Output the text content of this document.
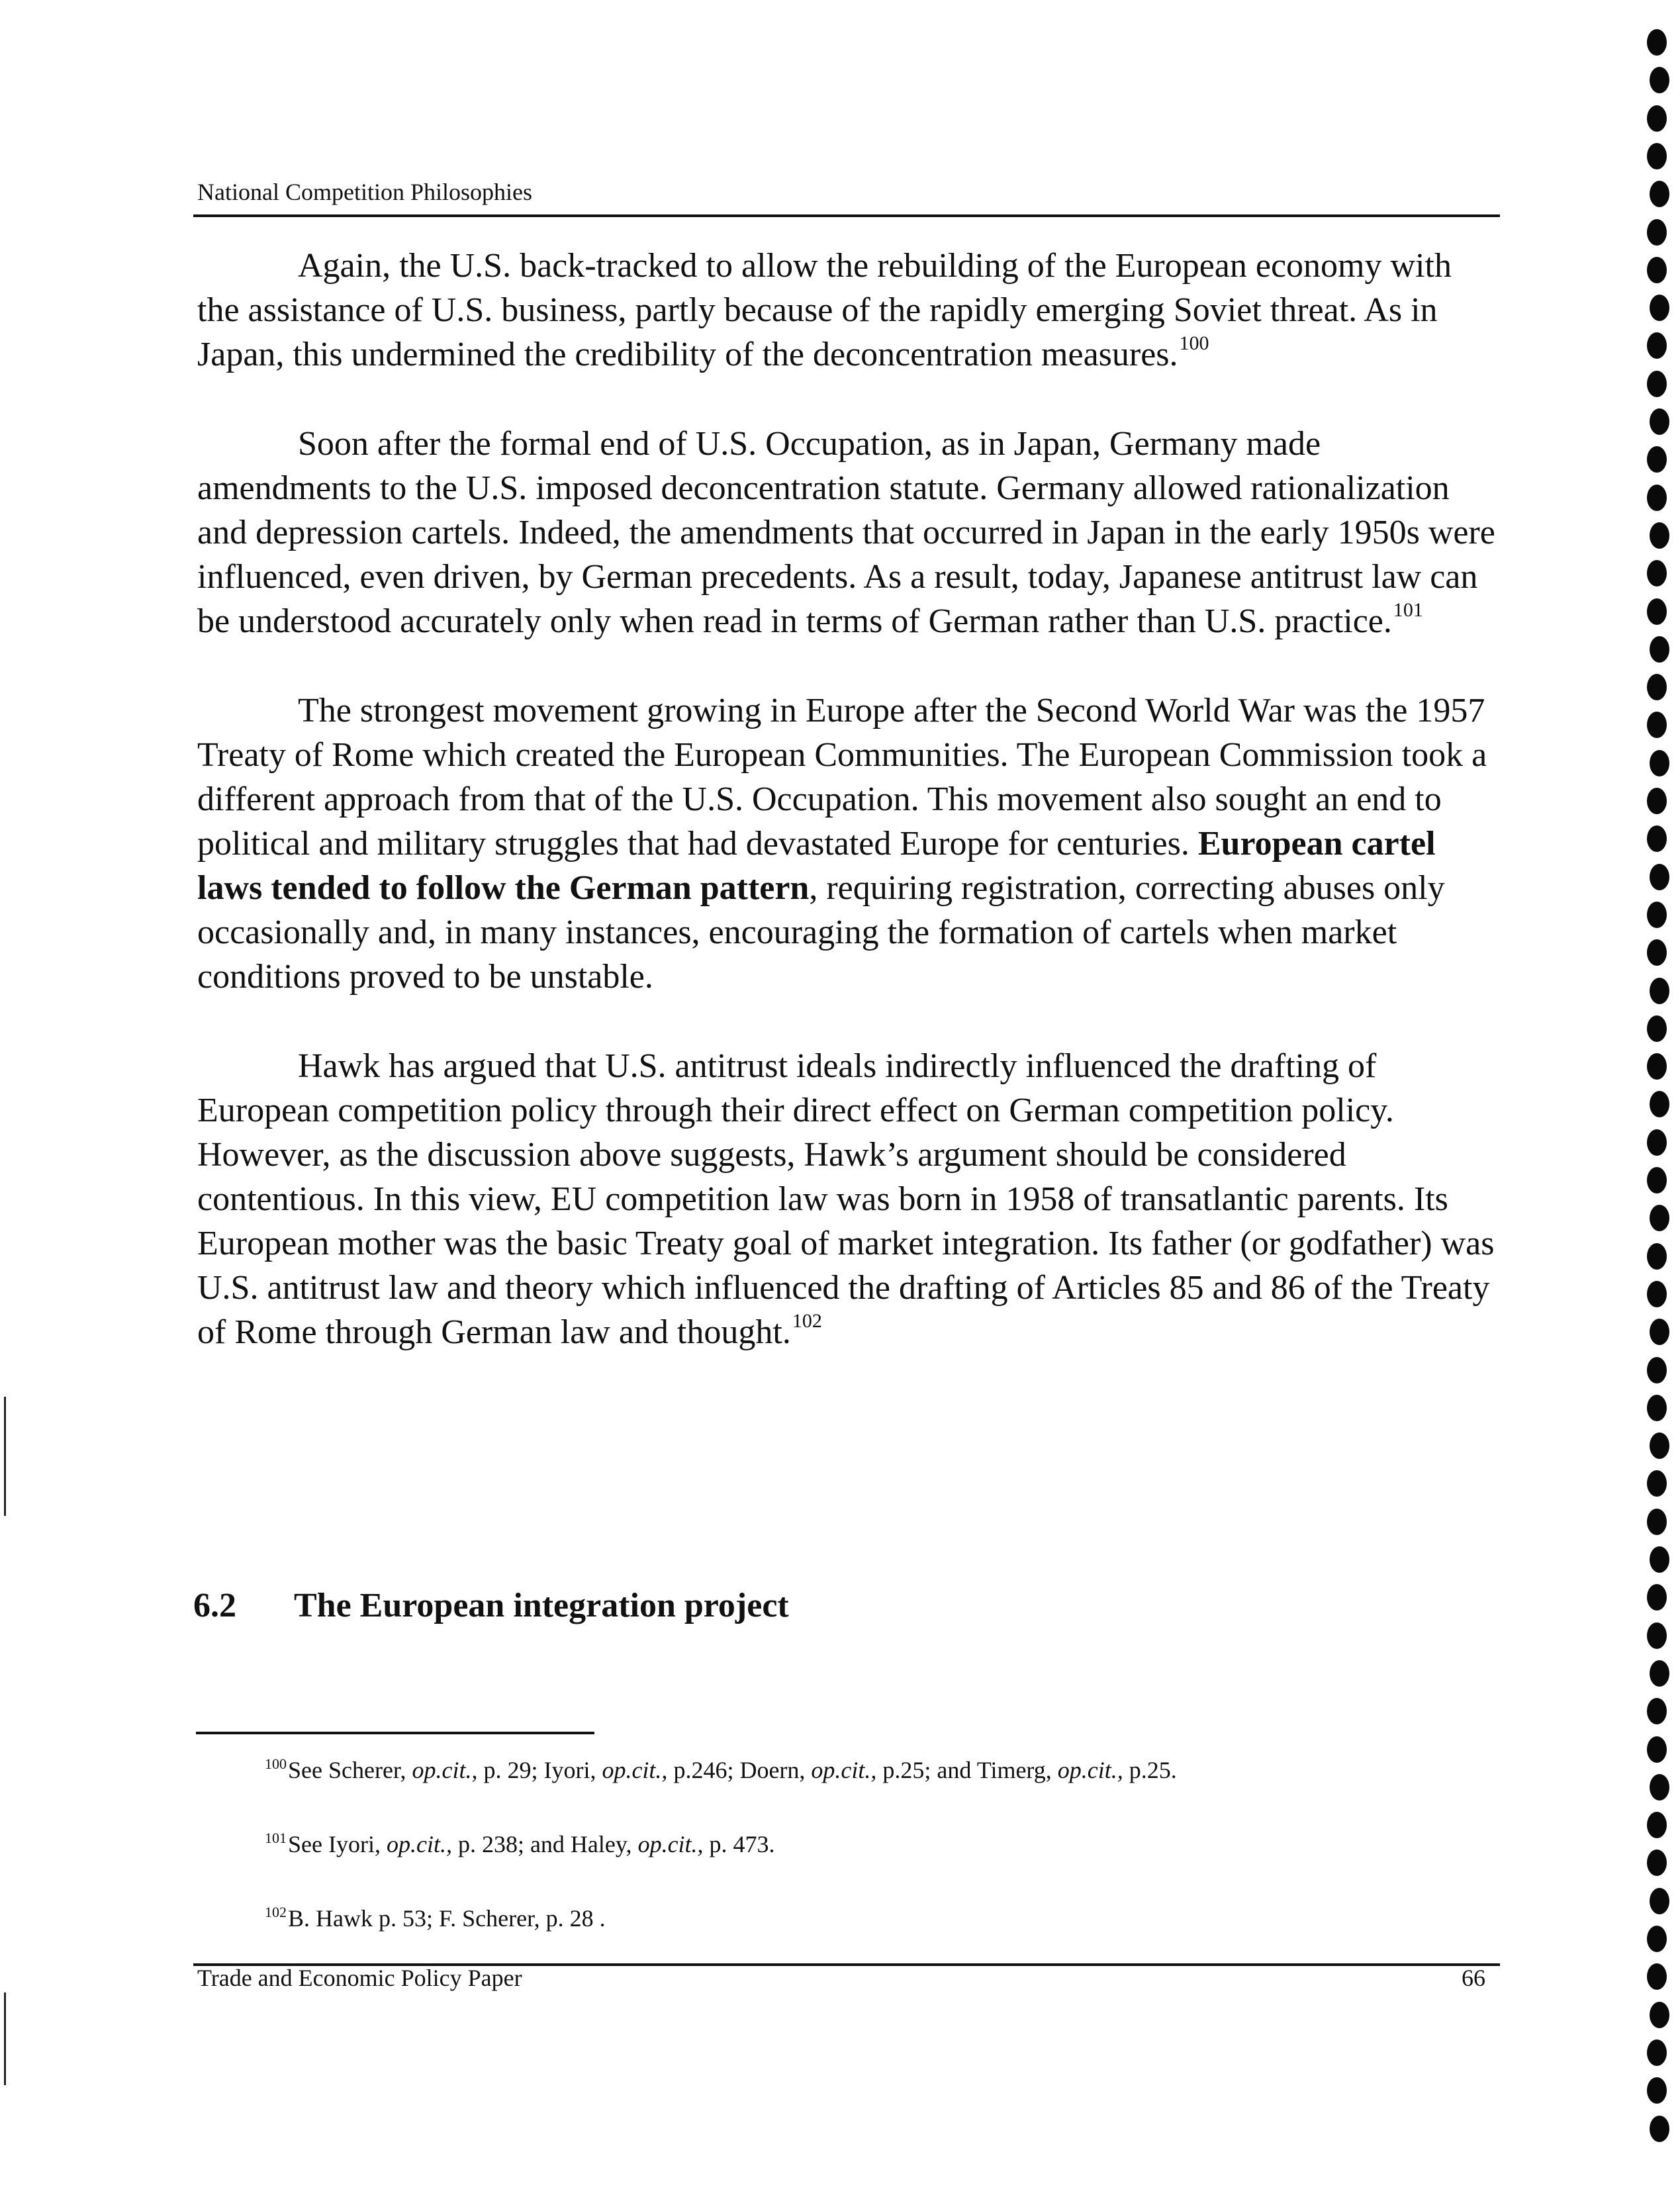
National Competition Philosophies

Again, the U.S. back-tracked to allow the rebuilding of the European economy with the assistance of U.S. business, partly because of the rapidly emerging Soviet threat. As in Japan, this undermined the credibility of the deconcentration measures.$^{100}$

Soon after the formal end of U.S. Occupation, as in Japan, Germany made amendments to the U.S. imposed deconcentration statute. Germany allowed rationalization and depression cartels. Indeed, the amendments that occurred in Japan in the early 1950s were influenced, even driven, by German precedents. As a result, today, Japanese antitrust law can be understood accurately only when read in terms of German rather than U.S. practice.$^{101}$

The strongest movement growing in Europe after the Second World War was the 1957 Treaty of Rome which created the European Communities. The European Commission took a different approach from that of the U.S. Occupation. This movement also sought an end to political and military struggles that had devastated Europe for centuries. European cartel laws tended to follow the German pattern, requiring registration, correcting abuses only occasionally and, in many instances, encouraging the formation of cartels when market conditions proved to be unstable.

Hawk has argued that U.S. antitrust ideals indirectly influenced the drafting of European competition policy through their direct effect on German competition policy. However, as the discussion above suggests, Hawk’s argument should be considered contentious. In this view, EU competition law was born in 1958 of transatlantic parents. Its European mother was the basic Treaty goal of market integration. Its father (or godfather) was U.S. antitrust law and theory which influenced the drafting of Articles 85 and 86 of the Treaty of Rome through German law and thought.$^{102}$

6.2 The European integration project
$^{100}$See Scherer, op.cit., p. 29; Iyori, op.cit., p.246; Doern, op.cit., p.25; and Timerg, op.cit., p.25.
$^{101}$See Iyori, op.cit., p. 238; and Haley, op.cit., p. 473.
$^{102}$B. Hawk p. 53; F. Scherer, p. 28 .
Trade and Economic Policy Paper	66
